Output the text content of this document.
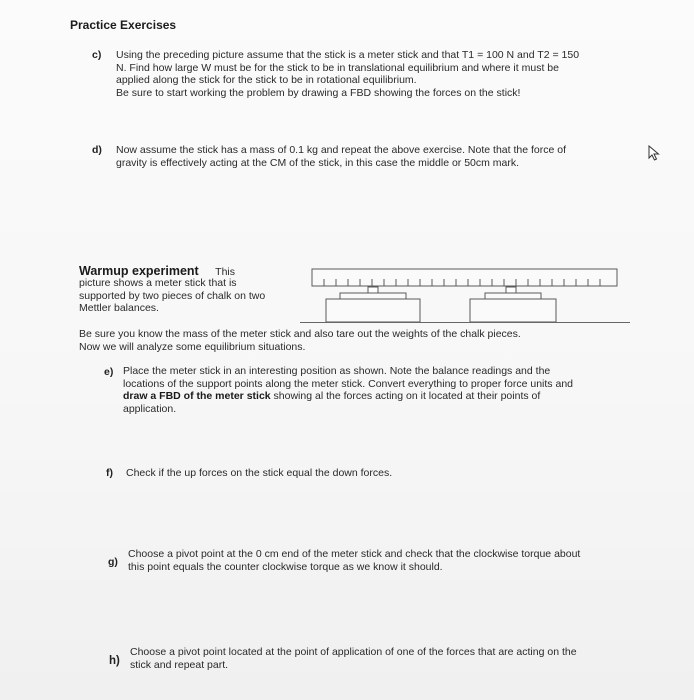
Practice Exercises
c) Using the preceding picture assume that the stick is a meter stick and that T1 = 100 N and T2 = 150
N. Find how large W must be for the stick to be in translational equilibrium and where it must be
applied along the stick for the stick to be in rotational equilibrium.
Be sure to start working the problem by drawing a FBD showing the forces on the stick!
d) Now assume the stick has a mass of 0.1 kg and repeat the above exercise. Note that the force of
gravity is effectively acting at the CM of the stick, in this case the middle or 50cm mark.
Warmup experiment This
picture shows a meter stick that is
supported by two pieces of chalk on two
Mettler balances.
Be sure you know the mass of the meter stick and also tare out the weights of the chalk pieces.
Now we will analyze some equilibrium situations.
e) Place the meter stick in an interesting position as shown. Note the balance readings and the
locations of the support points along the meter stick. Convert everything to proper force units and
draw a FBD of the meter stick showing al the forces acting on it located at their points of
application.
f) Check if the up forces on the stick equal the down forces.
g)
Choose a pivot point at the 0 cm end of the meter stick and check that the clockwise torque about
this point equals the counter clockwise torque as we know it should.
h)
Choose a pivot point located at the point of application of one of the forces that are acting on the
stick and repeat part.
